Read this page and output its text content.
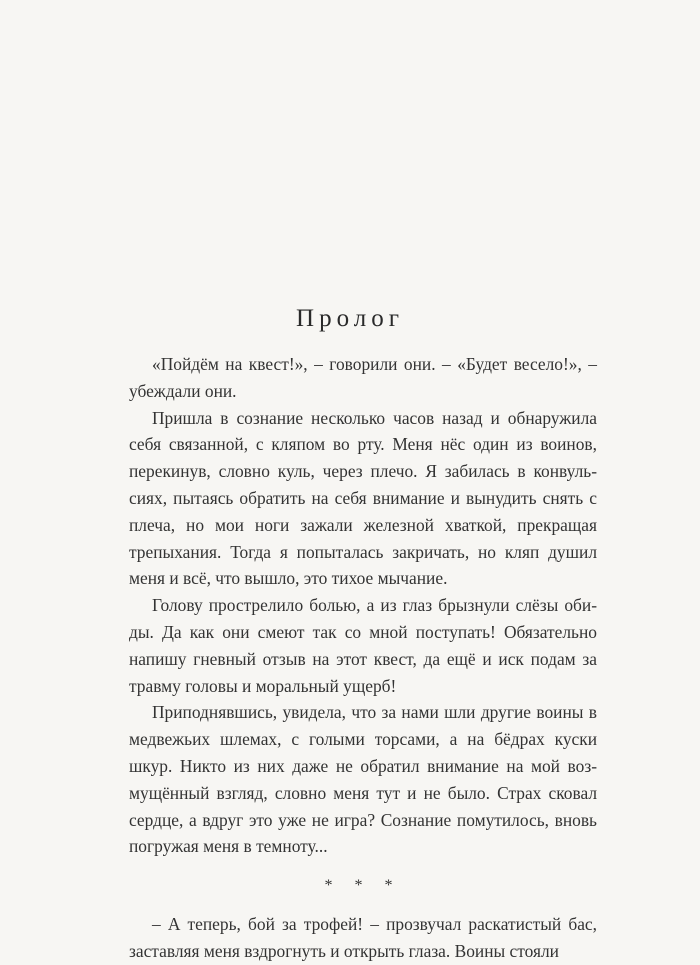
Пролог

«Пойдём на квест!», – говорили они. – «Будет весело!», – убеждали они.

Пришла в сознание несколько часов назад и обнаружила себя связанной, с кляпом во рту. Меня нёс один из воинов, перекинув, словно куль, через плечо. Я забилась в конвульсиях, пытаясь обратить на себя внимание и вынудить снять с плеча, но мои ноги зажали железной хваткой, прекращая трепыхания. Тогда я попыталась закричать, но кляп душил меня и всё, что вышло, это тихое мычание.

Голову прострелило болью, а из глаз брызнули слёзы обиды. Да как они смеют так со мной поступать! Обязательно напишу гневный отзыв на этот квест, да ещё и иск подам за травму головы и моральный ущерб!

Приподнявшись, увидела, что за нами шли другие воины в медвежьих шлемах, с голыми торсами, а на бёдрах куски шкур. Никто из них даже не обратил внимание на мой возмущённый взгляд, словно меня тут и не было. Страх сковал сердце, а вдруг это уже не игра? Сознание помутилось, вновь погружая меня в темноту...

* * *

– А теперь, бой за трофей! – прозвучал раскатистый бас, заставляя меня вздрогнуть и открыть глаза. Воины стояли
